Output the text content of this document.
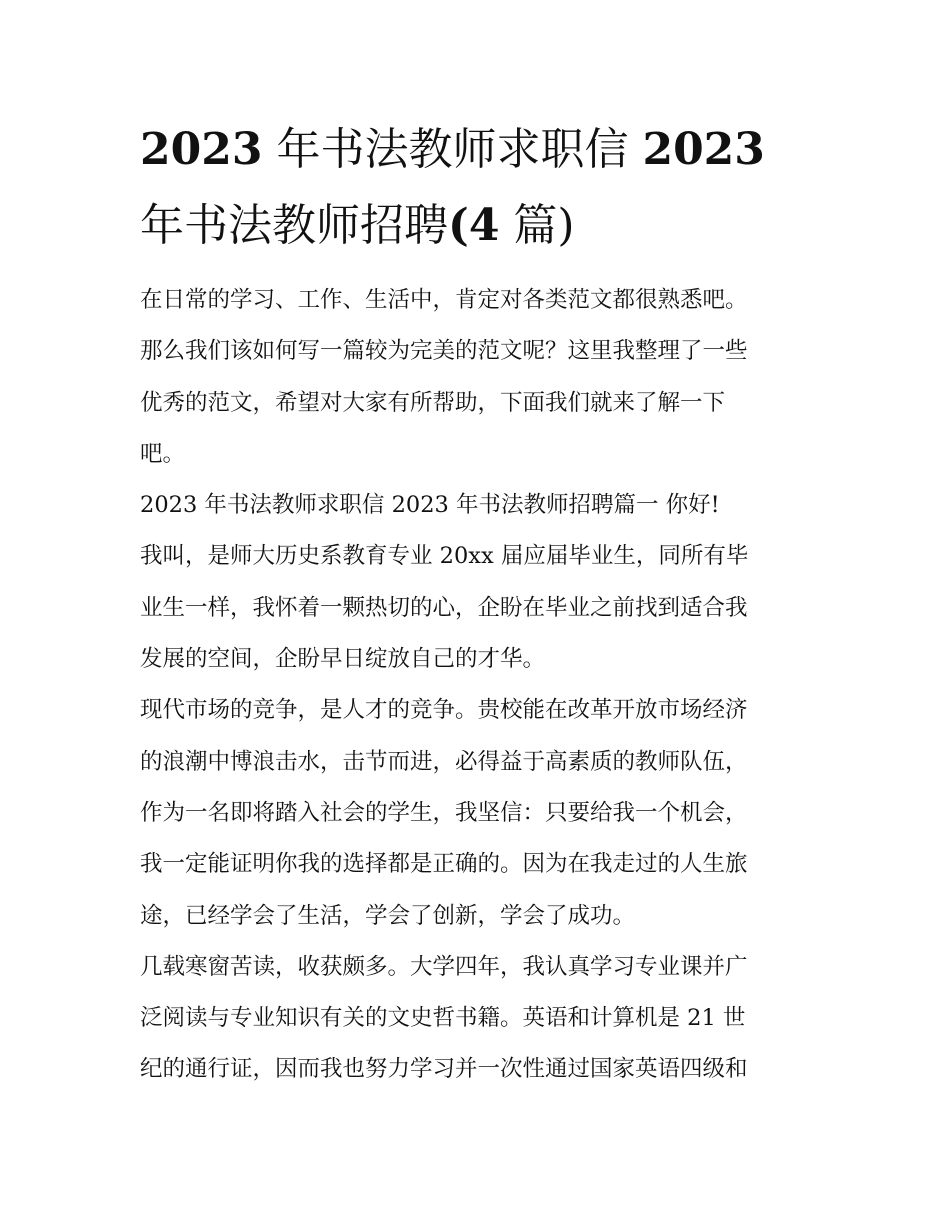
2023 年书法教师求职信 2023
年书法教师招聘(4 篇)
在日常的学习、工作、生活中，肯定对各类范文都很熟悉吧。
那么我们该如何写一篇较为完美的范文呢？这里我整理了一些
优秀的范文，希望对大家有所帮助，下面我们就来了解一下
吧。
2023 年书法教师求职信 2023 年书法教师招聘篇一 你好!
我叫，是师大历史系教育专业 20xx 届应届毕业生，同所有毕
业生一样，我怀着一颗热切的心，企盼在毕业之前找到适合我
发展的空间，企盼早日绽放自己的才华。
现代市场的竞争，是人才的竞争。贵校能在改革开放市场经济
的浪潮中博浪击水，击节而进，必得益于高素质的教师队伍，
作为一名即将踏入社会的学生，我坚信：只要给我一个机会，
我一定能证明你我的选择都是正确的。因为在我走过的人生旅
途，已经学会了生活，学会了创新，学会了成功。
几载寒窗苦读，收获颇多。大学四年，我认真学习专业课并广
泛阅读与专业知识有关的文史哲书籍。英语和计算机是 21 世
纪的通行证，因而我也努力学习并一次性通过国家英语四级和
